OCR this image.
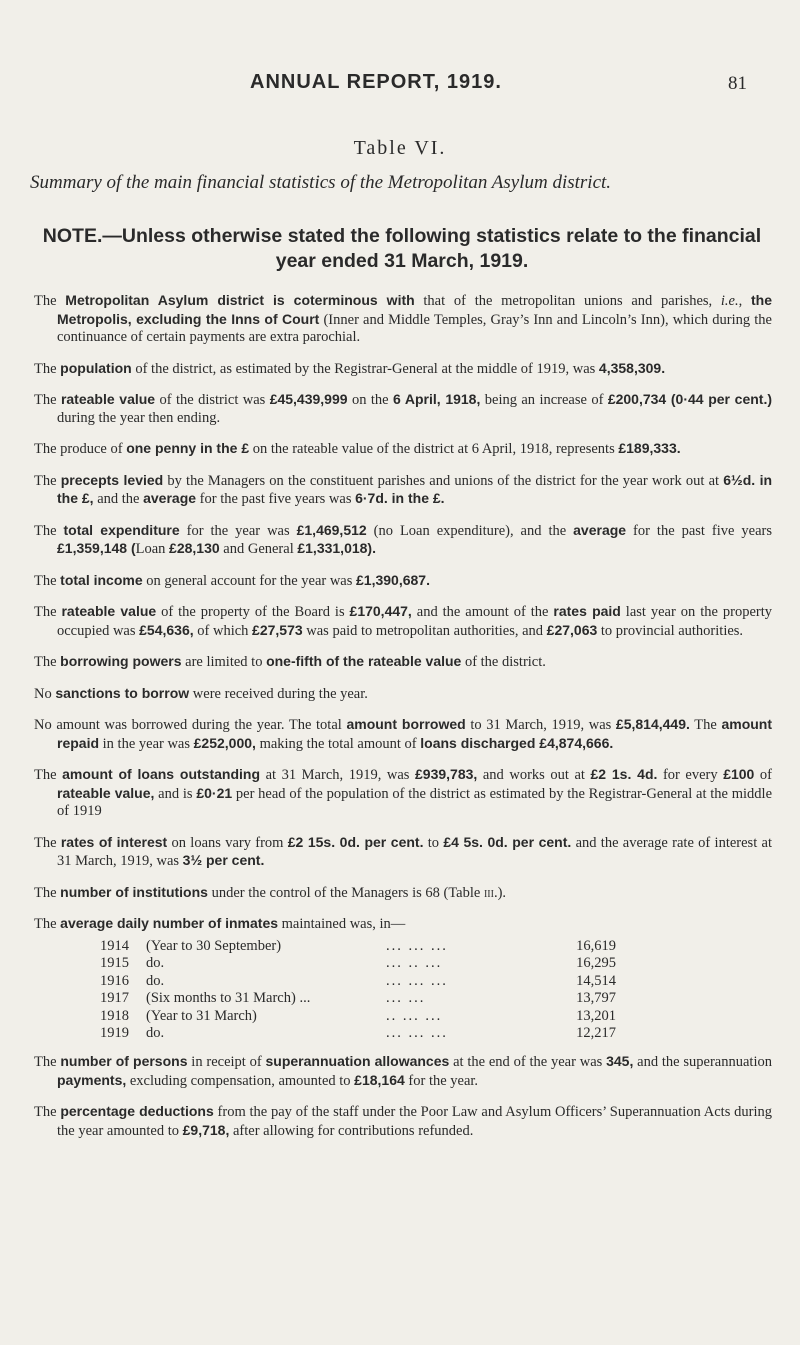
ANNUAL REPORT, 1919.	81
Table VI.
Summary of the main financial statistics of the Metropolitan Asylum district.
NOTE.—Unless otherwise stated the following statistics relate to the financial year ended 31 March, 1919.

The Metropolitan Asylum district is coterminous with that of the metropolitan unions and parishes, i.e., the Metropolis, excluding the Inns of Court (Inner and Middle Temples, Gray’s Inn and Lincoln’s Inn), which during the continuance of certain payments are extra parochial.

The population of the district, as estimated by the Registrar-General at the middle of 1919, was 4,358,309.

The rateable value of the district was £45,439,999 on the 6 April, 1918, being an increase of £200,734 (0·44 per cent.) during the year then ending.

The produce of one penny in the £ on the rateable value of the district at 6 April, 1918, represents £189,333.

The precepts levied by the Managers on the constituent parishes and unions of the district for the year work out at 6½d. in the £, and the average for the past five years was 6·7d. in the £.

The total expenditure for the year was £1,469,512 (no Loan expenditure), and the average for the past five years £1,359,148 (Loan £28,130 and General £1,331,018).

The total income on general account for the year was £1,390,687.

The rateable value of the property of the Board is £170,447, and the amount of the rates paid last year on the property occupied was £54,636, of which £27,573 was paid to metropolitan authorities, and £27,063 to provincial authorities.

The borrowing powers are limited to one-fifth of the rateable value of the district.

No sanctions to borrow were received during the year.

No amount was borrowed during the year. The total amount borrowed to 31 March, 1919, was £5,814,449. The amount repaid in the year was £252,000, making the total amount of loans discharged £4,874,666.

The amount of loans outstanding at 31 March, 1919, was £939,783, and works out at £2 1s. 4d. for every £100 of rateable value, and is £0·21 per head of the population of the district as estimated by the Registrar-General at the middle of 1919

The rates of interest on loans vary from £2 15s. 0d. per cent. to £4 5s. 0d. per cent. and the average rate of interest at 31 March, 1919, was 3½ per cent.

The number of institutions under the control of the Managers is 68 (Table iii.).

The average daily number of inmates maintained was, in—

1914	(Year to 30 September)	... ... ...	16,619
1915	do.	... .. ...	16,295
1916	do.	... ... ...	14,514
1917	(Six months to 31 March) ...	... ...	13,797
1918	(Year to 31 March)	.. ... ...	13,201
1919	do.	... ... ...	12,217

The number of persons in receipt of superannuation allowances at the end of the year was 345, and the superannuation payments, excluding compensation, amounted to £18,164 for the year.

The percentage deductions from the pay of the staff under the Poor Law and Asylum Officers’ Superannuation Acts during the year amounted to £9,718, after allowing for contributions refunded.
